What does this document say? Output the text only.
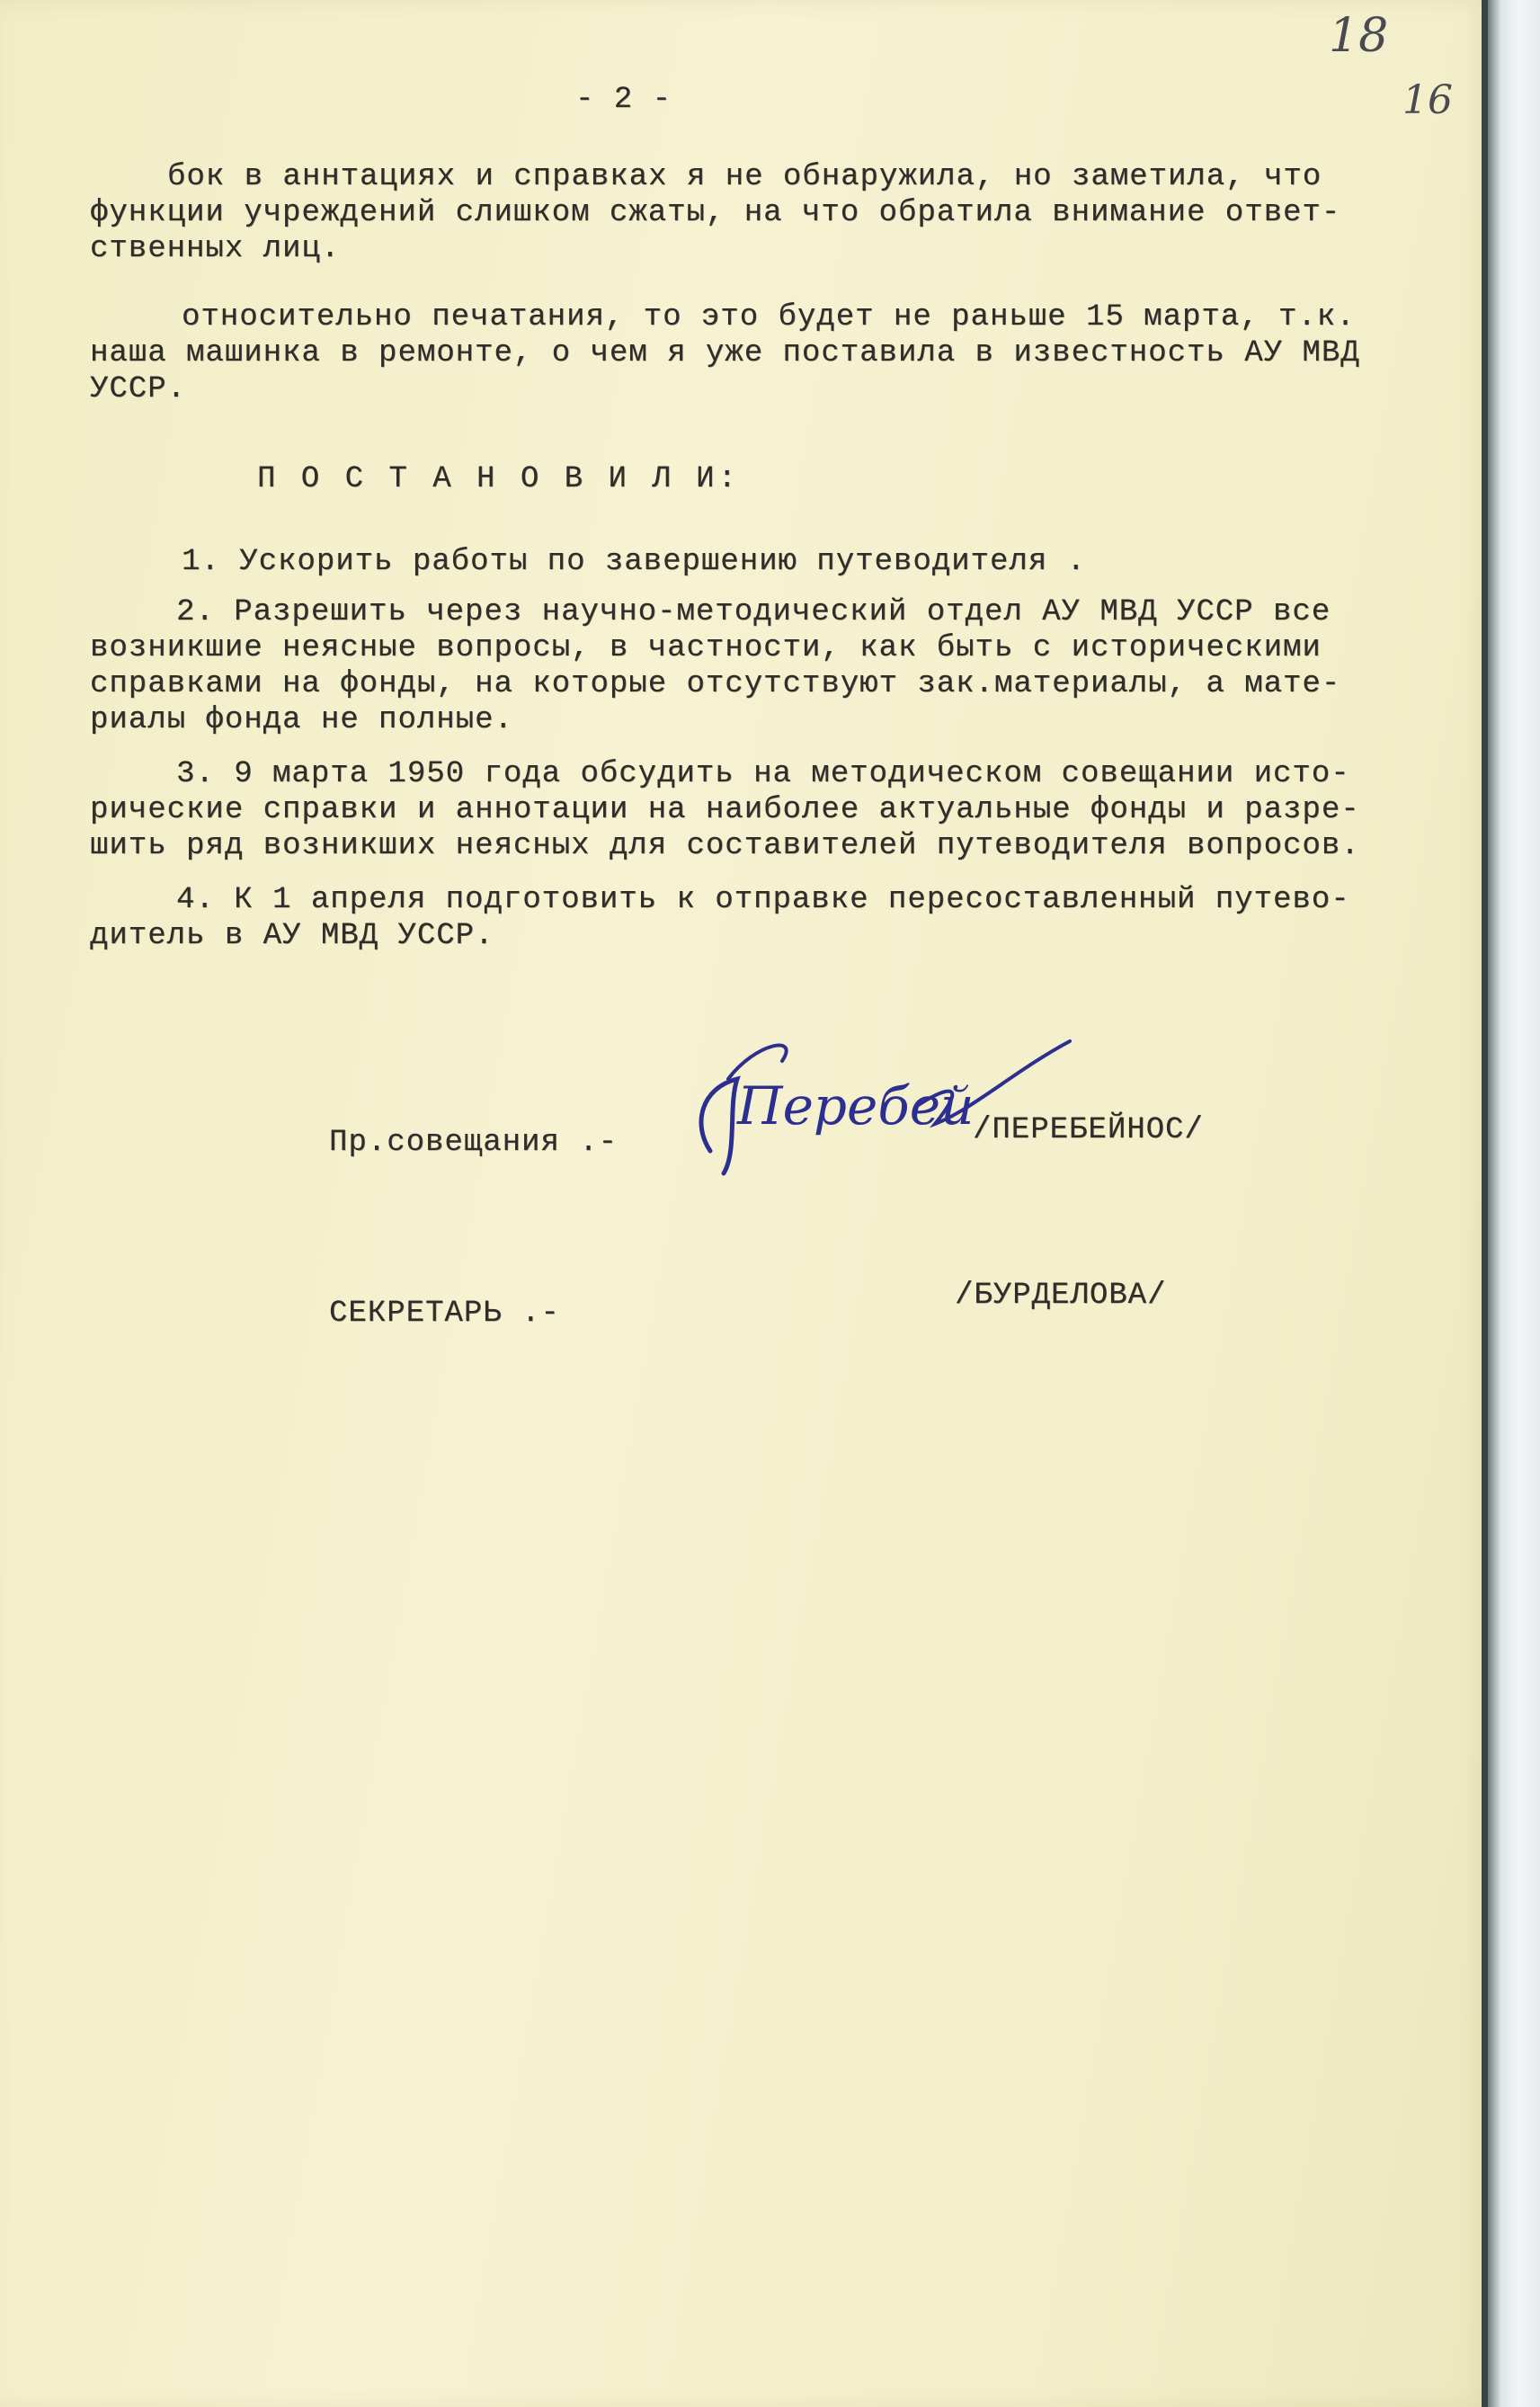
18
16
- 2 -
бок в аннтациях и справках я не обнаружила, но заметила, что
функции учреждений слишком сжаты, на что обратила внимание ответ-
ственных лиц.
относительно печатания, то это будет не раньше 15 марта, т.к.
наша машинка в ремонте, о чем я уже поставила в известность АУ МВД
УССР.
П О С Т А Н О В И Л И:
1. Ускорить работы по завершению путеводителя .
2. Разрешить через научно-методический отдел АУ МВД УССР все
возникшие неясные вопросы, в частности, как быть с историческими
справками на фонды, на которые отсутствуют зак.материалы, а мате-
риалы фонда не полные.
3. 9 марта 1950 года обсудить на методическом совещании исто-
рические справки и аннотации на наиболее актуальные фонды и разре-
шить ряд возникших неясных для составителей путеводителя вопросов.
4. К 1 апреля подготовить к отправке пересоставленный путево-
дитель в АУ МВД УССР.
Пр.совещания .-	/ПЕРЕБЕЙНОС/
Перебей
СЕКРЕТАРЬ .-
/БУРДЕЛОВА/
